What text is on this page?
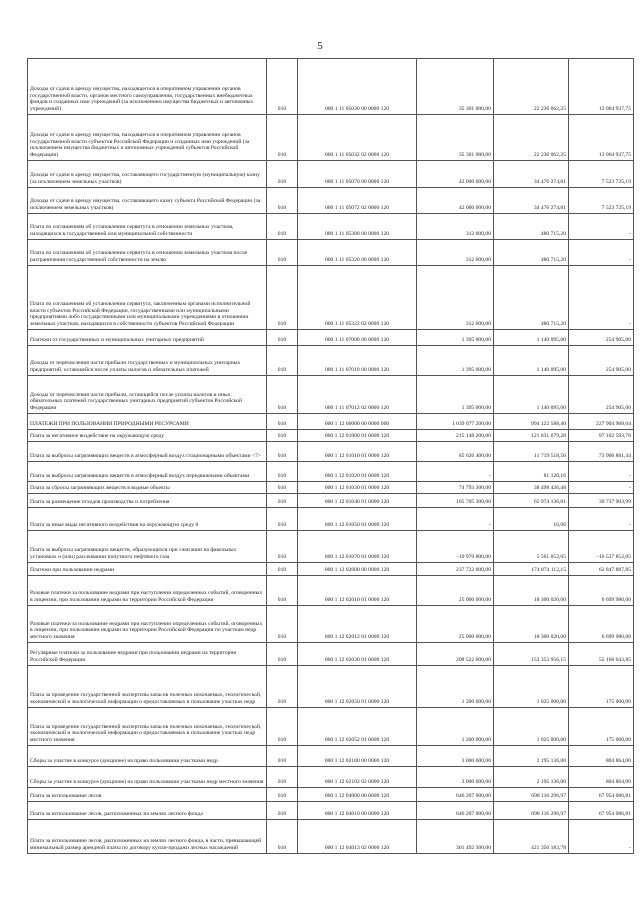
5
Доходы от сдачи в аренду имущества, находящегося в оперативном управлении органов государственной власти, органов местного самоуправления, государственных внебюджетных фондов и созданных ими учреждений (за исключением имущества бюджетных и автономных учреждений)	010	000 1 11 05030 00 0000 120	35 301 000,00	22 236 062,25	13 064 937,75
Доходы от сдачи в аренду имущества, находящегося в оперативном управлении органов государственной власти субъектов Российской Федерации и созданных ими учреждений (за исключением имущества бюджетных и автономных учреждений субъектов Российской Федерации)	010	000 1 11 05032 02 0000 120	35 301 000,00	22 236 062,25	13 064 937,75
Доходы от сдачи в аренду имущества, составляющего государственную (муниципальную) казну (за исключением земельных участков)	010	000 1 11 05070 00 0000 120	42 000 000,00	34 476 274,81	7 523 725,19
Доходы от сдачи в аренду имущества, составляющего казну субъекта Российской Федерации (за исключением земельных участков)	010	000 1 11 05072 02 0000 120	42 000 000,00	34 476 274,81	7 523 725,19
Плата по соглашениям об установлении сервитута в отношении земельных участков, находящихся в государственной или муниципальной собственности	010	000 1 11 05300 00 0000 120	312 000,00	480 715,20	-
Плата по соглашениям об установлении сервитута в отношении земельных участков после разграничения государственной собственности на землю	010	000 1 11 05320 00 0000 120	312 000,00	480 715,20	-
Плата по соглашениям об установлении сервитута, заключенным органами исполнительной власти субъектов Российской Федерации, государственными или муниципальными предприятиями либо государственными или муниципальными учреждениями в отношении земельных участков, находящихся в собственности субъектов Российской Федерации	010	000 1 11 05322 02 0000 120	312 000,00	480 715,20	-
Платежи от государственных и муниципальных унитарных предприятий	010	000 1 11 07000 00 0000 120	1 395 000,00	1 140 095,00	254 905,00
Доходы от перечисления части прибыли государственных и муниципальных унитарных предприятий, остающейся после уплаты налогов и обязательных платежей	010	000 1 11 07010 00 0000 120	1 395 000,00	1 140 095,00	254 905,00
Доходы от перечисления части прибыли, остающейся после уплаты налогов и иных обязательных платежей государственных унитарных предприятий субъектов Российской Федерации	010	000 1 11 07012 02 0000 120	1 395 000,00	1 140 095,00	254 905,00
ПЛАТЕЖИ ПРИ ПОЛЬЗОВАНИИ ПРИРОДНЫМИ РЕСУРСАМИ	010	000 1 12 00000 00 0000 000	1 039 077 200,00	994 122 588,40	227 904 968,04
Плата за негативное воздействие на окружающую среду	010	000 1 12 01000 01 0000 120	215 148 200,00	121 831 679,28	97 102 593,78
Плата за выбросы загрязняющих веществ в атмосферный воздух стационарными объектами <7>	010	000 1 12 01010 01 0000 120	85 626 400,00	11 719 518,56	73 906 881,44
Плата за выбросы загрязняющих веществ в атмосферный воздух передвижными объектами	010	000 1 12 01020 01 0000 120	-	81 120,16	-
Плата за сбросы загрязняющих веществ в водные объекты	010	000 1 12 01030 01 0000 120	74 793 300,00	38 498 436,48	-
Плата за размещение отходов производства и потребления	010	000 1 12 01040 01 0000 120	105 705 300,00	65 974 136,01	39 737 903,99
Плата за иные виды негативного воздействия на окружающую среду 8	010	000 1 12 01050 01 0000 120	-	16,06	-
Плата за выбросы загрязняющих веществ, образующихся при сжигании на факельных установках и (или) рассеивании попутного нефтяного газа	010	000 1 12 01070 01 0000 120	-10 976 800,00	5 561 052,05	-16 537 852,05
Платежи при пользовании недрами	010	000 1 12 02000 00 0000 120	237 722 000,00	174 874 112,15	62 847 887,85
Разовые платежи за пользование недрами при наступлении определенных событий, оговоренных в лицензии, при пользовании недрами на территории Российской Федерации	010	000 1 12 02010 01 0000 120	25 000 000,00	18 300 020,00	6 699 980,00
Разовые платежи за пользование недрами при наступлении определенных событий, оговоренных в лицензии, при пользовании недрами на территории Российской Федерации по участкам недр местного значения	010	000 1 12 02012 01 0000 120	25 000 000,00	18 300 020,00	6 699 980,00
Регулярные платежи за пользование недрами при пользовании недрами на территории Российской Федерации	010	000 1 12 02030 01 0000 120	208 522 000,00	153 353 956,15	55 168 043,85
Плата за проведение государственной экспертизы запасов полезных ископаемых, геологической, экономической и экологической информации о предоставляемых в пользование участках недр	010	000 1 12 02050 01 0000 120	1 200 000,00	1 025 000,00	175 000,00
Плата за проведение государственной экспертизы запасов полезных ископаемых, геологической, экономической и экологической информации о предоставляемых в пользование участках недр местного значения	010	000 1 12 02052 01 0000 120	1 200 000,00	1 025 000,00	175 000,00
Сборы за участие в конкурсе (аукционе) на право пользования участками недр	010	000 1 12 02100 00 0000 120	3 000 000,00	2 195 136,00	804 864,00
Сборы за участие в конкурсе (аукционе) на право пользования участками недр местного значения	010	000 1 12 02102 02 0000 120	3 000 000,00	2 195 136,00	804 864,00
Плата за использование лесов	010	000 1 12 04000 00 0000 120	646 207 000,00	698 116 296,97	67 954 086,81
Плата за использование лесов, расположенных на землях лесного фонда	010	000 1 12 04010 00 0000 120	646 207 000,00	698 116 296,97	67 954 086,81
Плата за использование лесов, расположенных на землях лесного фонда, в части, превышающей минимальный размер арендной платы по договору купли-продажи лесных насаждений	010	000 1 12 04013 02 0000 120	301 492 300,00	421 356 183,78	-
